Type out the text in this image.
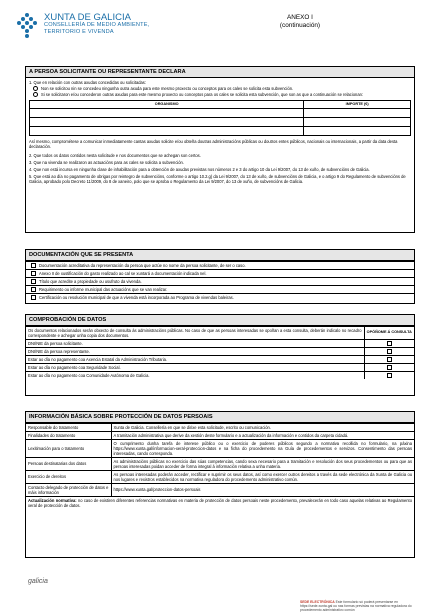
XUNTA DE GALICIA
CONSELLERÍA DE MEDIO AMBIENTE,
TERRITORIO E VIVENDA
ANEXO I
(continuación)
A PERSOA SOLICITANTE OU REPRESENTANTE DECLARA
1. Que en relación con outras axudas concedidas ou solicitadas:
Non se solicitou nin se concedeu ningunha outra axuda para este mesmo proxecto ou conceptos para os cales se solicita esta subvención.
Si se solicitaron e/ou concederon outras axudas para este mesmo proxecto ou conceptos para os cales se solicita esta subvención, que son as que a continuación se relacionan:
ORGANISMO	IMPORTE (€)

Así mesmo, comprométese a comunicar inmediatamente cantas axudas solicite e/ou obteña doutras administracións públicas ou doutros entes públicos, nacionais ou internacionais, a partir da data desta declaración.
2. Que todos os datos contidos nesta solicitude e nos documentos que se achegan son certos.
3. Que na vivenda se realizaron as actuacións para as cales se solicita a subvención.
4. Que non está incursa en ningunha clase de inhabilitación para a obtención de axudas previstas nos números 2 e 3 do artigo 10 da Lei 9/2007, do 13 de xuño, de subvencións de Galicia.
5. Que está ao día no pagamento de obrigas por reintegro de subvencións, conforme o artigo 10.2.g) da Lei 9/2007, do 13 de xuño, de subvencións de Galicia, e o artigo 9 do Regulamento de subvencións de Galicia, aprobado polo Decreto 11/2009, do 8 de xaneiro, polo que se aproba o Regulamento da Lei 9/2007, do 13 de xuño, de subvencións de Galicia.
DOCUMENTACIÓN QUE SE PRESENTA
Documentación acreditativa da representación da persoa que actúe no nome da persoa solicitante, de ser o caso.

Anexo II de xustificación do gasto realizado ao cal se xuntará a documentación indicada nel.

Título que acredite a propiedade ou usufruto da vivenda.

Requirimento ou informe municipal das actuacións que se van realizar.

Certificación ou resolución municipal de que a vivenda está incorporada ao Programa de vivendas baleiras.
COMPROBACIÓN DE DATOS
Os documentos relacionados serán obxecto de consulta ás administracións públicas. No caso de que as persoas interesadas se opoñan a esta consulta, deberán indicalo no recadro correspondente e achegar unha copia dos documentos.	OPÓÑOME Á CONSULTA
DNI/NIE da persoa solicitante.	

DNI/NIE da persoa representante.	

Estar ao día no pagamento coa Axencia Estatal da Administración Tributaria.	

Estar ao día no pagamento coa Seguridade Social.	

Estar ao día no pagamento coa Comunidade Autónoma de Galicia.	
INFORMACIÓN BÁSICA SOBRE PROTECCIÓN DE DATOS PERSOAIS
Responsable do tratamento	Xunta de Galicia. Consellería en que se dirixe esta solicitude, escrito ou comunicación.
Finalidades do tratamento	A tramitación administrativa que derive da xestión deste formulario e a actualización da información e contidos da carpeta cidadá.
Lexitimación para o tratamento	O cumprimento dunha tarefa de interese público ou o exercicio de poderes públicos segundo a normativa recollida no formulario, na páxina https://www.xunta.gal/informacion-xeral-proteccion-datos e na ficha do procedemento na Guía de procedementos e servizos. Consentimento das persoas interesadas, cando corresponda.
Persoas destinatarias dos datos	As administracións públicas no exercicio das súas competencias, cando sexa necesario para a tramitación e resolución dos seus procedementos ou para que as persoas interesadas poidan acceder de forma integral á información relativa a unha materia.
Exercicio de dereitos	As persoas interesadas poderán acceder, rectificar e suprimir os seus datos, así como exercer outros dereitos a través da sede electrónica da Xunta de Galicia ou nos lugares e rexistros establecidos na normativa reguladora do procedemento administrativo común.
Contacto delegado de protección de datos e máis información	https://www.xunta.gal/proteccion-datos-persoais
Actualización normativa: no caso de existiren diferentes referencias normativas en materia de protección de datos persoais neste procedemento, prevalecerán en todo caso aquelas relativas ao Regulamento xeral de protección de datos.	
galicia
SEDE ELECTRÓNICA Este formulario só poderá presentarse en https://sede.xunta.gal ou nas formas previstas na normativa reguladora do procedemento administrativo común
